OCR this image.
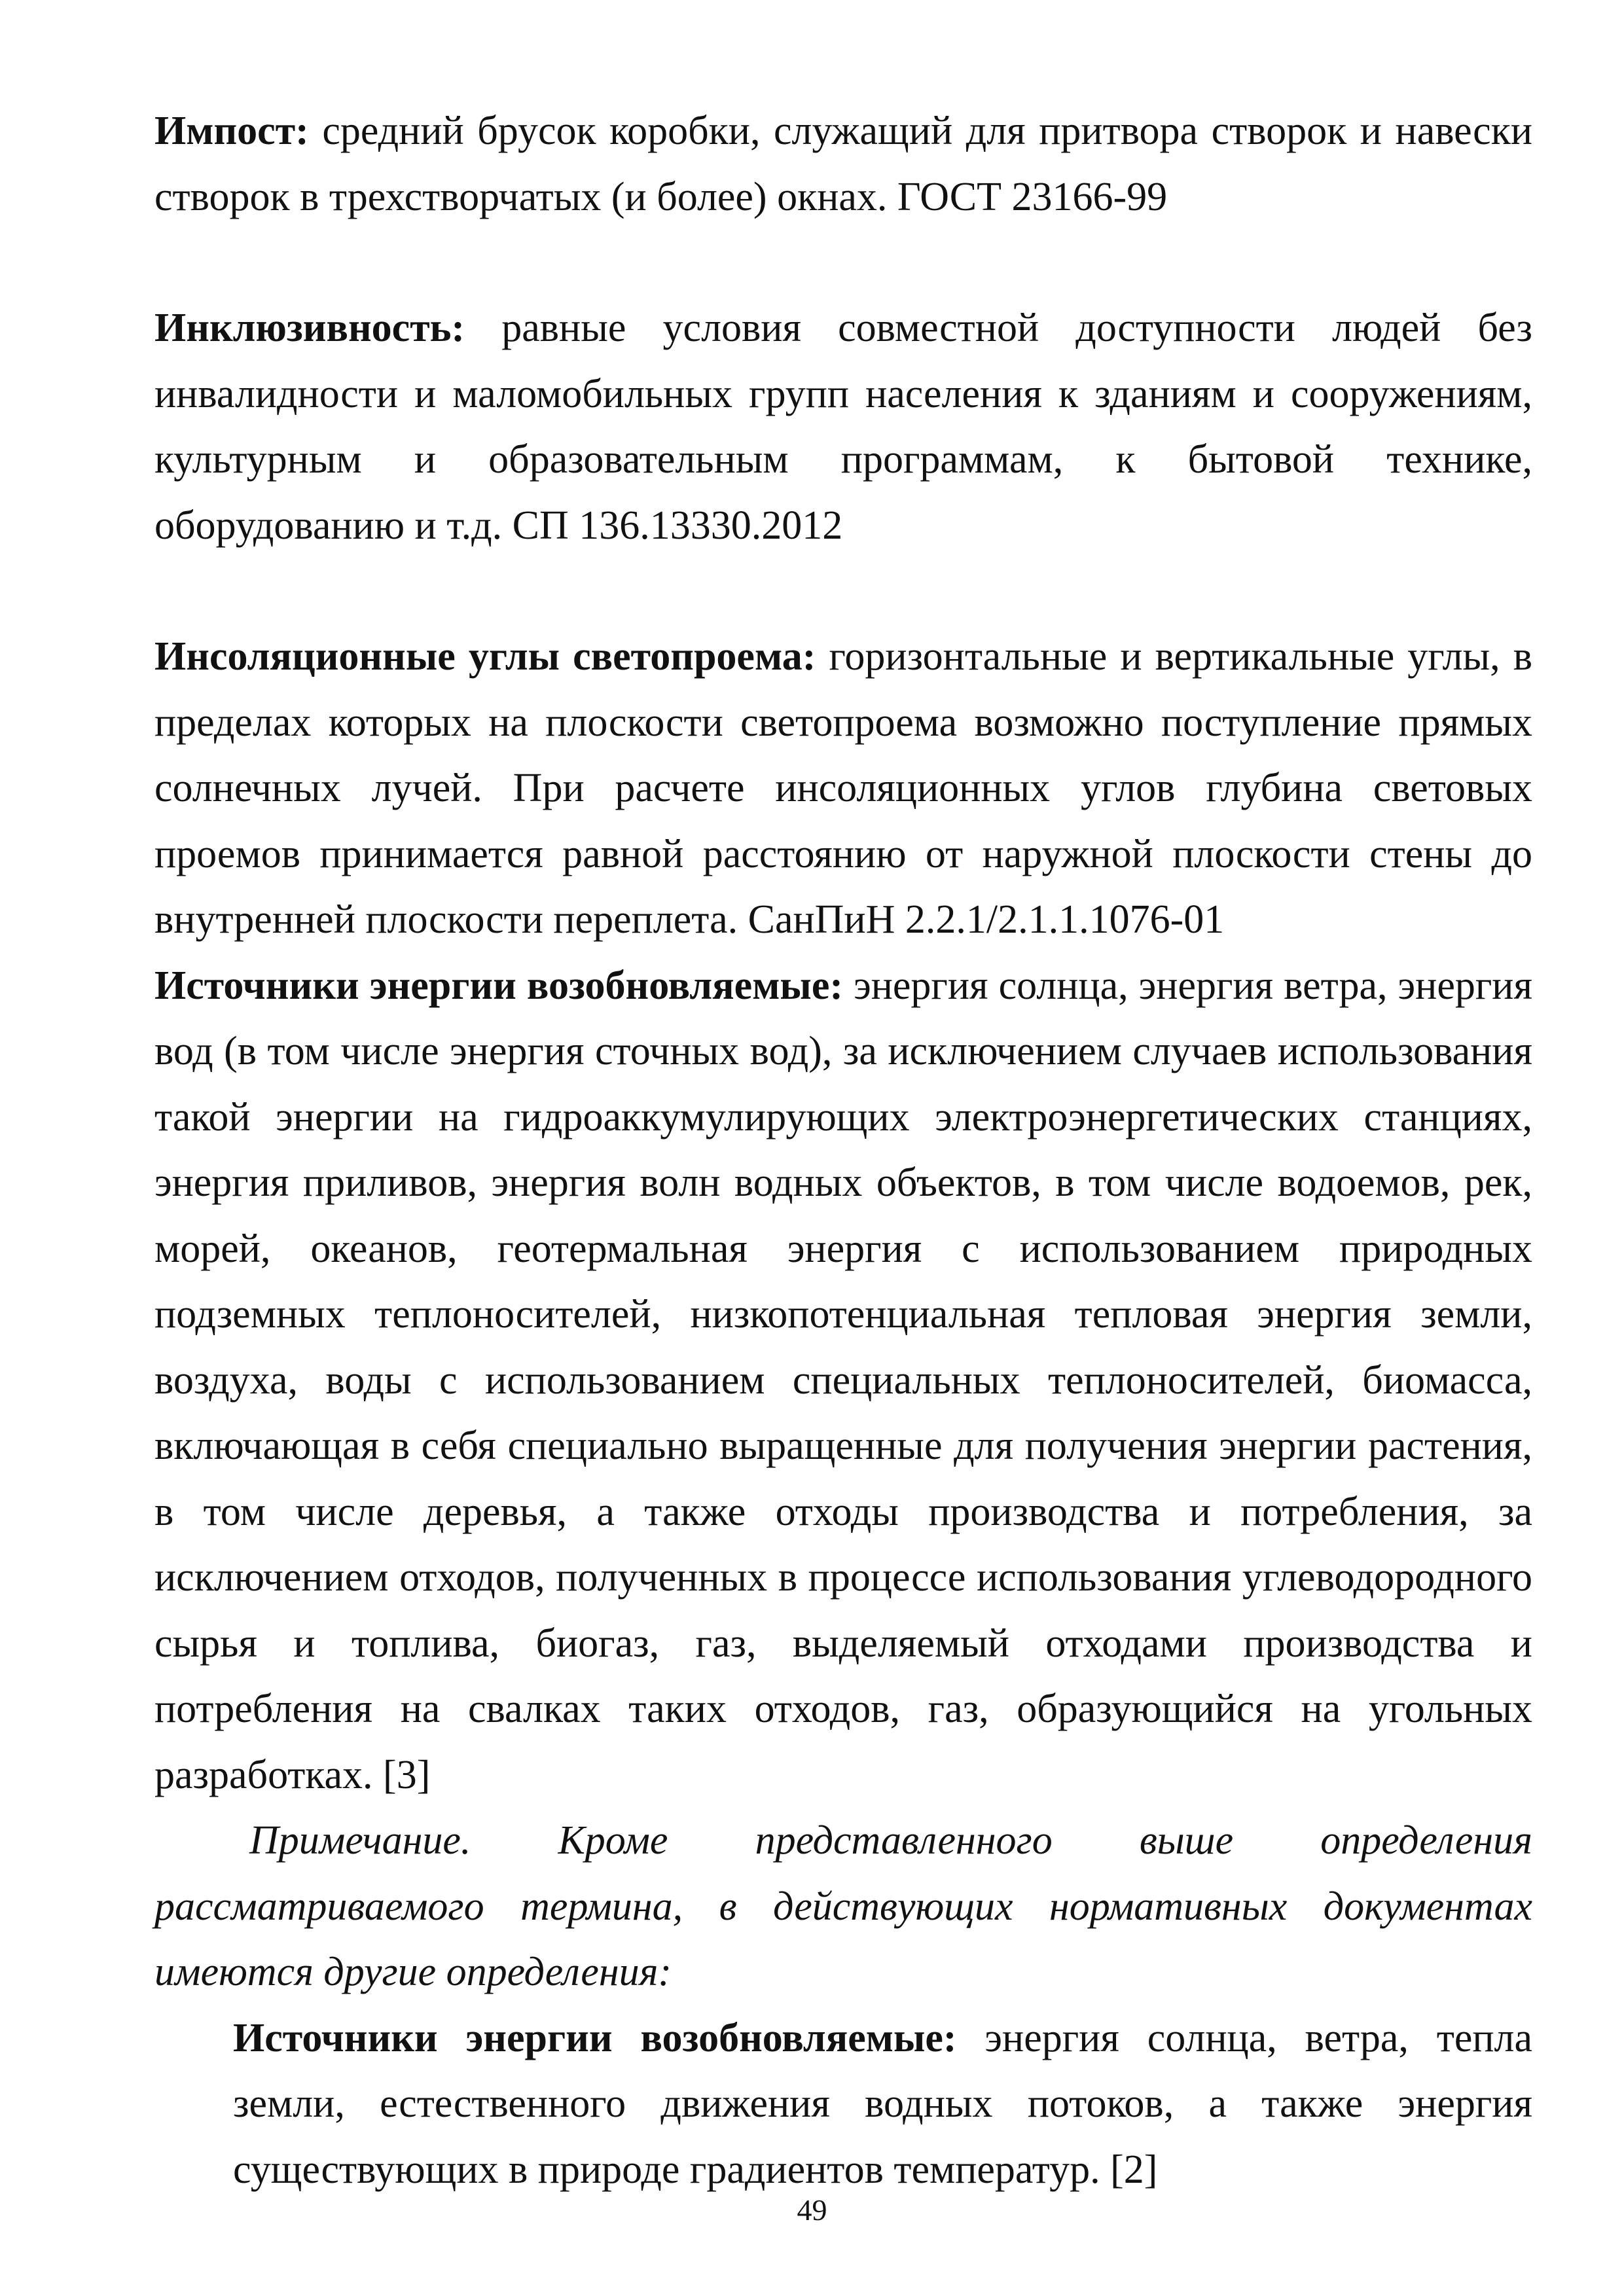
Импост: средний брусок коробки, служащий для притвора створок и навески створок в трехстворчатых (и более) окнах. ГОСТ 23166-99

Инклюзивность: равные условия совместной доступности людей без инвалидности и маломобильных групп населения к зданиям и сооружениям, культурным и образовательным программам, к бытовой технике, оборудованию и т.д. СП 136.13330.2012

Инсоляционные углы светопроема: горизонтальные и вертикальные углы, в пределах которых на плоскости светопроема возможно поступление прямых солнечных лучей. При расчете инсоляционных углов глубина световых проемов принимается равной расстоянию от наружной плоскости стены до внутренней плоскости переплета. СанПиН 2.2.1/2.1.1.1076-01

Источники энергии возобновляемые: энергия солнца, энергия ветра, энергия вод (в том числе энергия сточных вод), за исключением случаев использования такой энергии на гидроаккумулирующих электроэнергетических станциях, энергия приливов, энергия волн водных объектов, в том числе водоемов, рек, морей, океанов, геотермальная энергия с использованием природных подземных теплоносителей, низкопотенциальная тепловая энергия земли, воздуха, воды с использованием специальных теплоносителей, биомасса, включающая в себя специально выращенные для получения энергии растения, в том числе деревья, а также отходы производства и потребления, за исключением отходов, полученных в процессе использования углеводородного сырья и топлива, биогаз, газ, выделяемый отходами производства и потребления на свалках таких отходов, газ, образующийся на угольных разработках. [3]

Примечание. Кроме представленного выше определения рассматриваемого термина, в действующих нормативных документах имеются другие определения:

Источники энергии возобновляемые: энергия солнца, ветра, тепла земли, естественного движения водных потоков, а также энергия существующих в природе градиентов температур. [2]

49
